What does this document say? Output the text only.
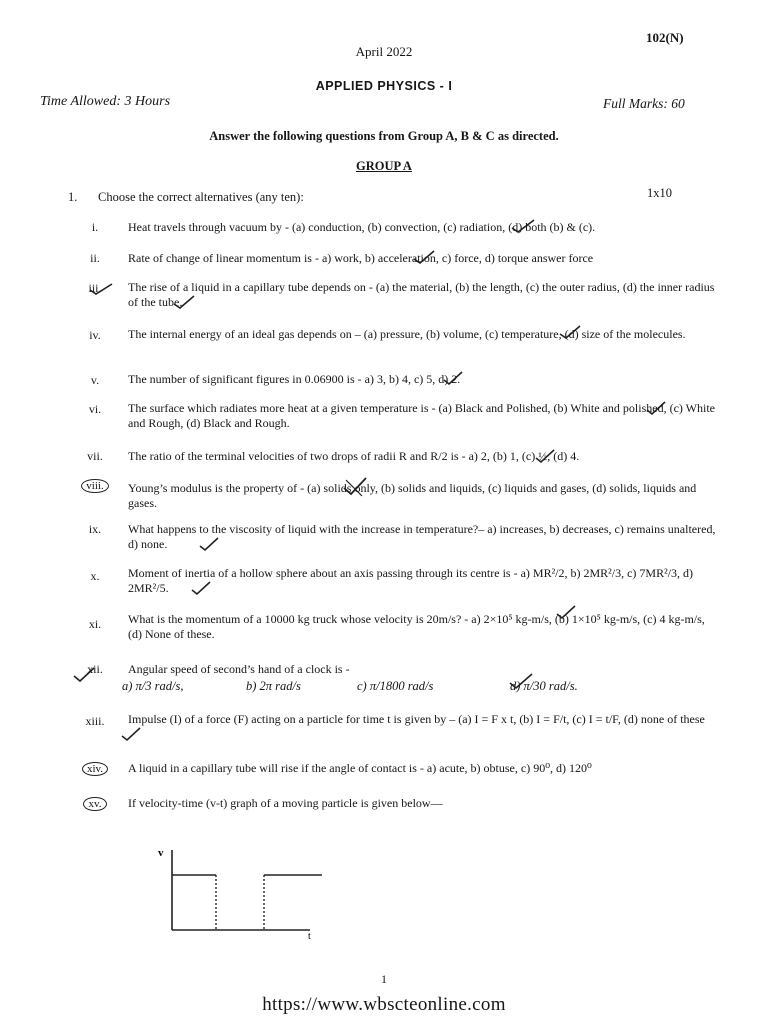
102(N)
April 2022
APPLIED PHYSICS - I
Time Allowed: 3 Hours	Full Marks: 60
Answer the following questions from Group A, B & C as directed.
GROUP A
1. Choose the correct alternatives (any ten):	1x10
i.	Heat travels through vacuum by - (a) conduction, (b) convection, (c) radiation, (d) both (b) & (c).
ii.	Rate of change of linear momentum is - a) work, b) acceleration, c) force, d) torque answer force
iii.	The rise of a liquid in a capillary tube depends on - (a) the material, (b) the length, (c) the outer radius, (d) the inner radius of the tube.
iv.	The internal energy of an ideal gas depends on – (a) pressure, (b) volume, (c) temperature, (d) size of the molecules.
v.	The number of significant figures in 0.06900 is - a) 3, b) 4, c) 5, d) 2.
vi.	The surface which radiates more heat at a given temperature is - (a) Black and Polished, (b) White and polished, (c) White and Rough, (d) Black and Rough.
vii.	The ratio of the terminal velocities of two drops of radii R and R/2 is - a) 2, (b) 1, (c) ½, (d) 4.
viii.	Young’s modulus is the property of - (a) solids only, (b) solids and liquids, (c) liquids and gases, (d) solids, liquids and gases.
ix.	What happens to the viscosity of liquid with the increase in temperature?– a) increases, b) decreases, c) remains unaltered, d) none.
x.	Moment of inertia of a hollow sphere about an axis passing through its centre is - a) MR²/2, b) 2MR²/3, c) 7MR²/3, d) 2MR²/5.
xi.	What is the momentum of a 10000 kg truck whose velocity is 20m/s? - a) 2×10⁵ kg-m/s, (b) 1×10⁵ kg-m/s, (c) 4 kg-m/s, (d) None of these.
xii.	Angular speed of second’s hand of a clock is -
a) π/3 rad/s,	b) 2π rad/s	c) π/1800 rad/s	d) π/30 rad/s.
xiii.	Impulse (I) of a force (F) acting on a particle for time t is given by – (a) I = F x t, (b) I = F/t, (c) I = t/F, (d) none of these
xiv.	A liquid in a capillary tube will rise if the angle of contact is - a) acute, b) obtuse, c) 90⁰, d) 120⁰
xv.	If velocity-time (v-t) graph of a moving particle is given below—
v
t
1
https://www.wbscteonline.com
